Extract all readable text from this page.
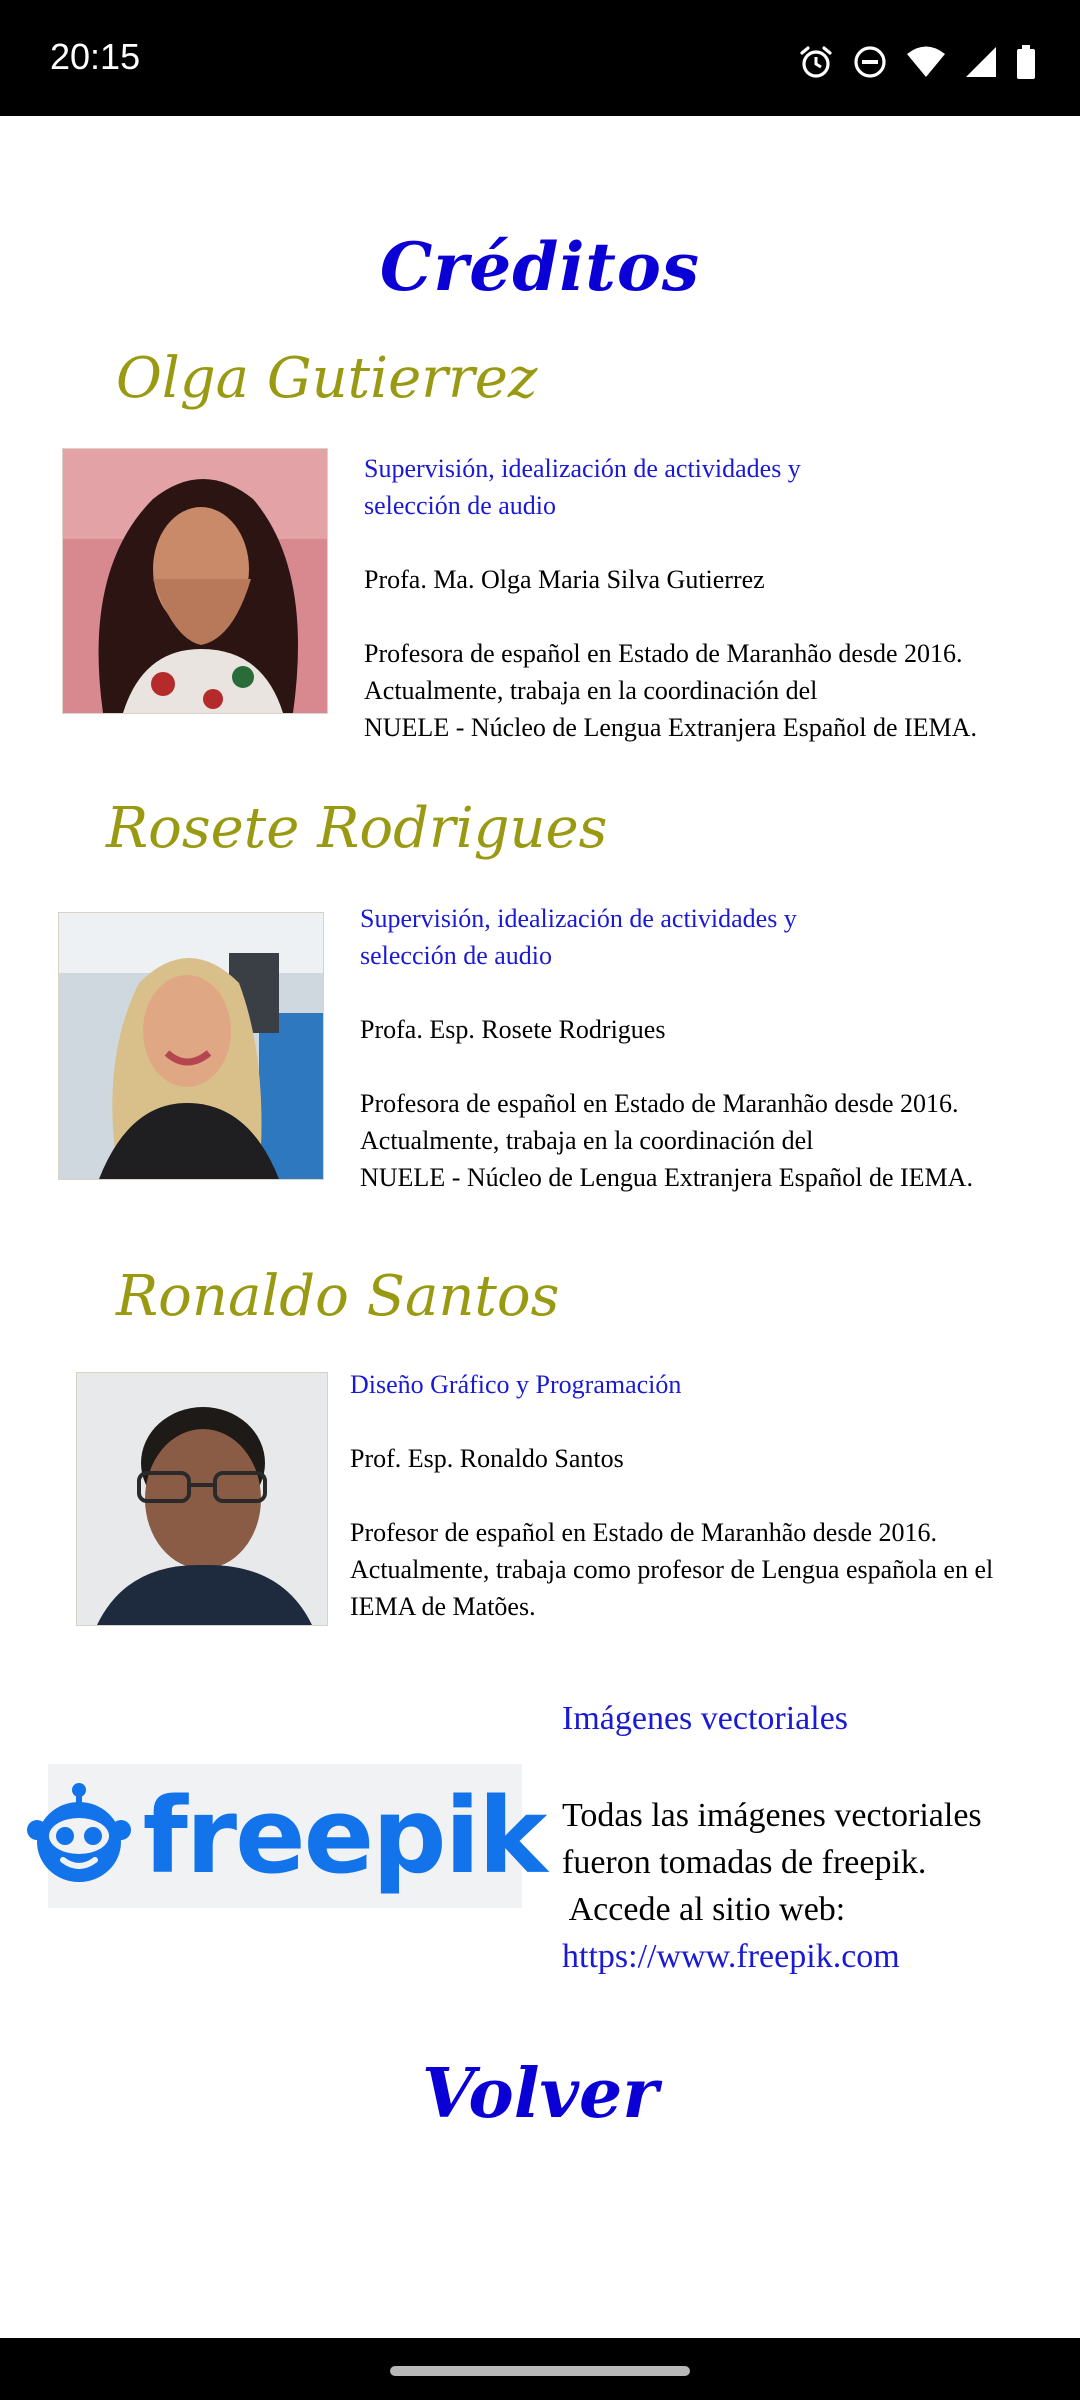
20:15
Créditos
Olga Gutierrez
Supervisión, idealización de actividades y
selección de audio
Profa. Ma. Olga Maria Silva Gutierrez
Profesora de español en Estado de Maranhão desde 2016.
Actualmente, trabaja en la coordinación del
NUELE - Núcleo de Lengua Extranjera Español de IEMA.
Rosete Rodrigues
Supervisión, idealización de actividades y
selección de audio
Profa. Esp. Rosete Rodrigues
Profesora de español en Estado de Maranhão desde 2016.
Actualmente, trabaja en la coordinación del
NUELE - Núcleo de Lengua Extranjera Español de IEMA.
Ronaldo Santos
Diseño Gráfico y Programación
Prof. Esp. Ronaldo Santos
Profesor de español en Estado de Maranhão desde 2016.
Actualmente, trabaja como profesor de Lengua española en el
IEMA de Matões.
freepik
Imágenes vectoriales
Todas las imágenes vectoriales
fueron tomadas de freepik.
Accede al sitio web:
https://www.freepik.com
Volver
